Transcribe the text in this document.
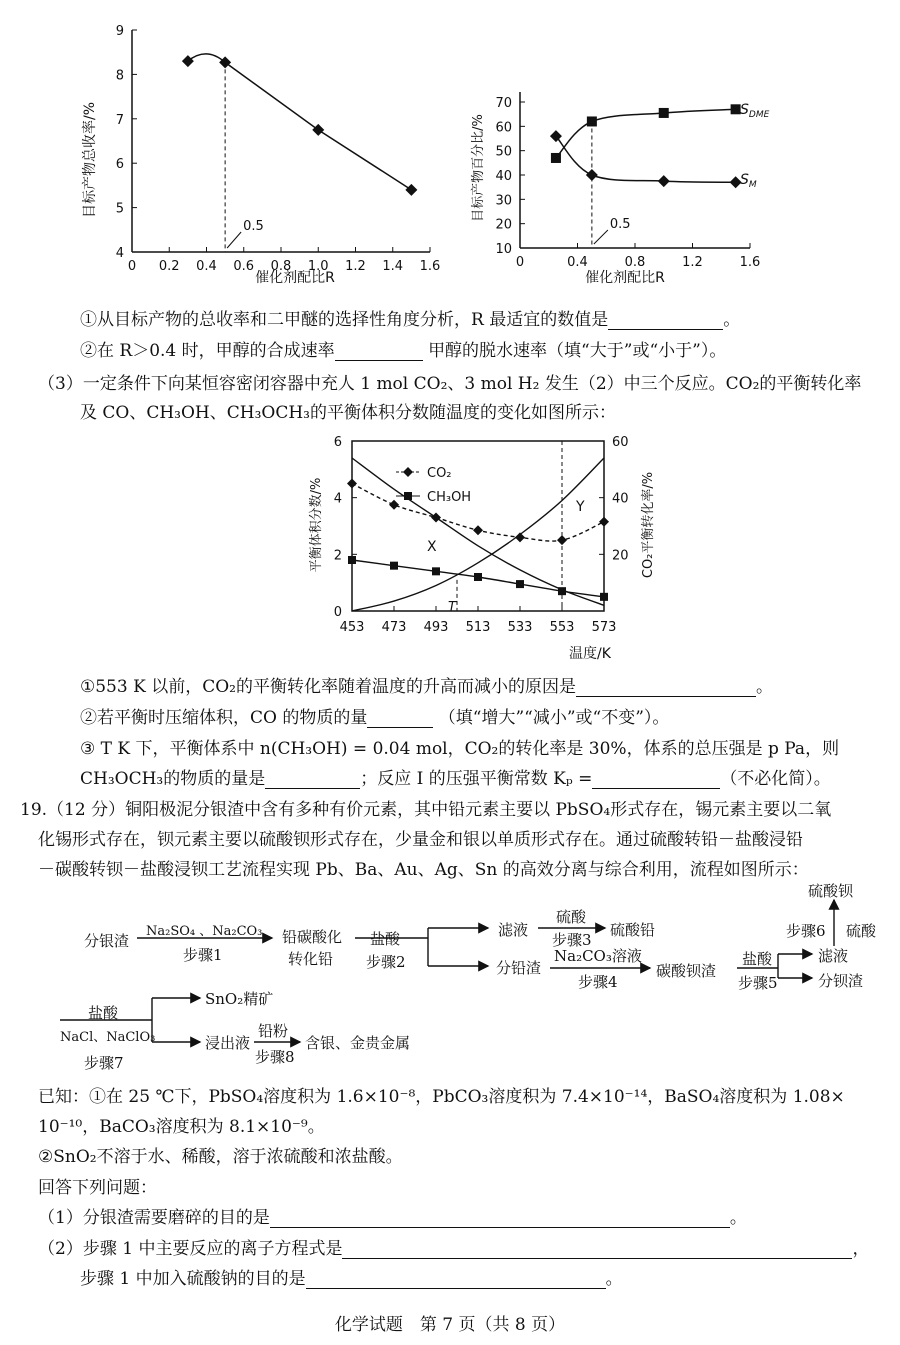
0 0.2 0.4 0.6 0.8 1.0 1.2 1.4 1.6
4
5
6
7
8
9
0.5
催化剂配比R
目标产物总收率/%
0	0.4	0.8	1.2	1.6
10
20
30
40
50
60
70
0.5
催化剂配比R
目标产物百分比/%
$S_{DME}$
$S_M$
①从目标产物的总收率和二甲醚的选择性角度分析，R 最适宜的数值是	。
②在 R＞0.4 时，甲醇的合成速率	甲醇的脱水速率（填“大于”或“小于”）。
（3）一定条件下向某恒容密闭容器中充人 1 mol CO₂、3 mol H₂ 发生（2）中三个反应。CO₂的平衡转化率
及 CO、CH₃OH、CH₃OCH₃的平衡体积分数随温度的变化如图所示：
453 473 493 513 533 553 573
0
2
4
6
20
40
60
温度/K
平衡体积分数/%	CO₂平衡转化率/%
CO₂
CH₃OH
X
Y
T
①553 K 以前，CO₂的平衡转化率随着温度的升高而减小的原因是	。
②若平衡时压缩体积，CO 的物质的量	（填“增大”“减小”或“不变”）。
③ T K 下，平衡体系中 n(CH₃OH) = 0.04 mol，CO₂的转化率是 30%，体系的总压强是 p Pa，则
CH₃OCH₃的物质的量是	；反应 Ⅰ 的压强平衡常数 Kₚ =	（不必化简）。
19.（12 分）铜阳极泥分银渣中含有多种有价元素，其中铅元素主要以 PbSO₄形式存在，锡元素主要以二氧
化锡形式存在，钡元素主要以硫酸钡形式存在，少量金和银以单质形式存在。通过硫酸转铅－盐酸浸铅
－碳酸转钡－盐酸浸钡工艺流程实现 Pb、Ba、Au、Ag、Sn 的高效分离与综合利用，流程如图所示：
分银渣
Na₂SO₄ 、Na₂CO₃
步骤1
铅碳酸化
转化铅
盐酸
步骤2
滤液
硫酸
步骤3
硫酸铅
分铅渣
Na₂CO₃溶液
步骤4
碳酸钡渣
盐酸
步骤5
滤液
分钡渣
步骤6 硫酸
硫酸钡
盐酸
NaCl、NaClO₃
步骤7
SnO₂精矿
浸出液
铅粉
步骤8
含银、金贵金属
已知：①在 25 ℃下，PbSO₄溶度积为 1.6×10⁻⁸，PbCO₃溶度积为 7.4×10⁻¹⁴，BaSO₄溶度积为 1.08×
10⁻¹⁰，BaCO₃溶度积为 8.1×10⁻⁹。
②SnO₂不溶于水、稀酸，溶于浓硫酸和浓盐酸。
回答下列问题：
（1）分银渣需要磨碎的目的是	。
（2）步骤 1 中主要反应的离子方程式是	，
步骤 1 中加入硫酸钠的目的是	。
化学试题　第 7 页（共 8 页）
